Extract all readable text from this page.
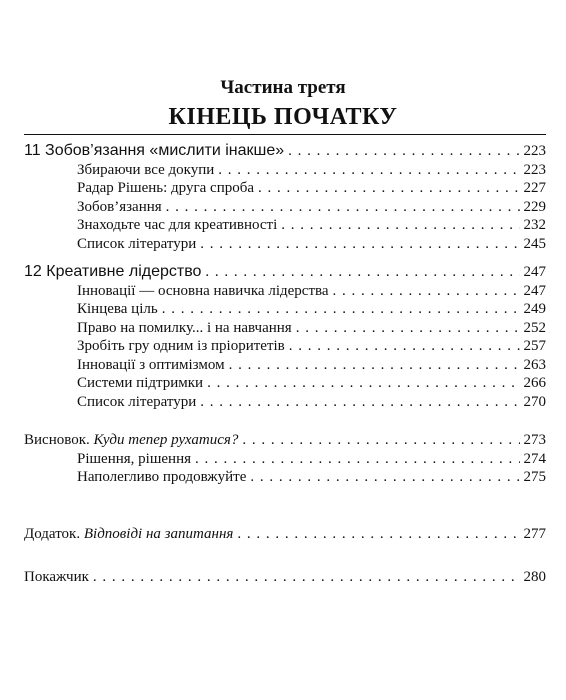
Частина третя
КІНЕЦЬ ПОЧАТКУ
11 Зобов’язання «мислити інакше» . . .	223
Збираючи все докупи . . .	223
Радар Рішень: друга спроба . . .	227
Зобов’язання . . .	229
Знаходьте час для креативності . . .	232
Список літератури . . .	245
12 Креативне лідерство . . .	247
Інновації — основна навичка лідерства . . .	247
Кінцева ціль . . .	249
Право на помилку... і на навчання . . .	252
Зробіть гру одним із пріоритетів . . .	257
Інновації з оптимізмом . . .	263
Системи підтримки . . .	266
Список літератури . . .	270
Висновок. Куди тепер рухатися? . . .	273
Рішення, рішення . . .	274
Наполегливо продовжуйте . . .	275
Додаток. Відповіді на запитання . . .	277
Покажчик . . .	280
